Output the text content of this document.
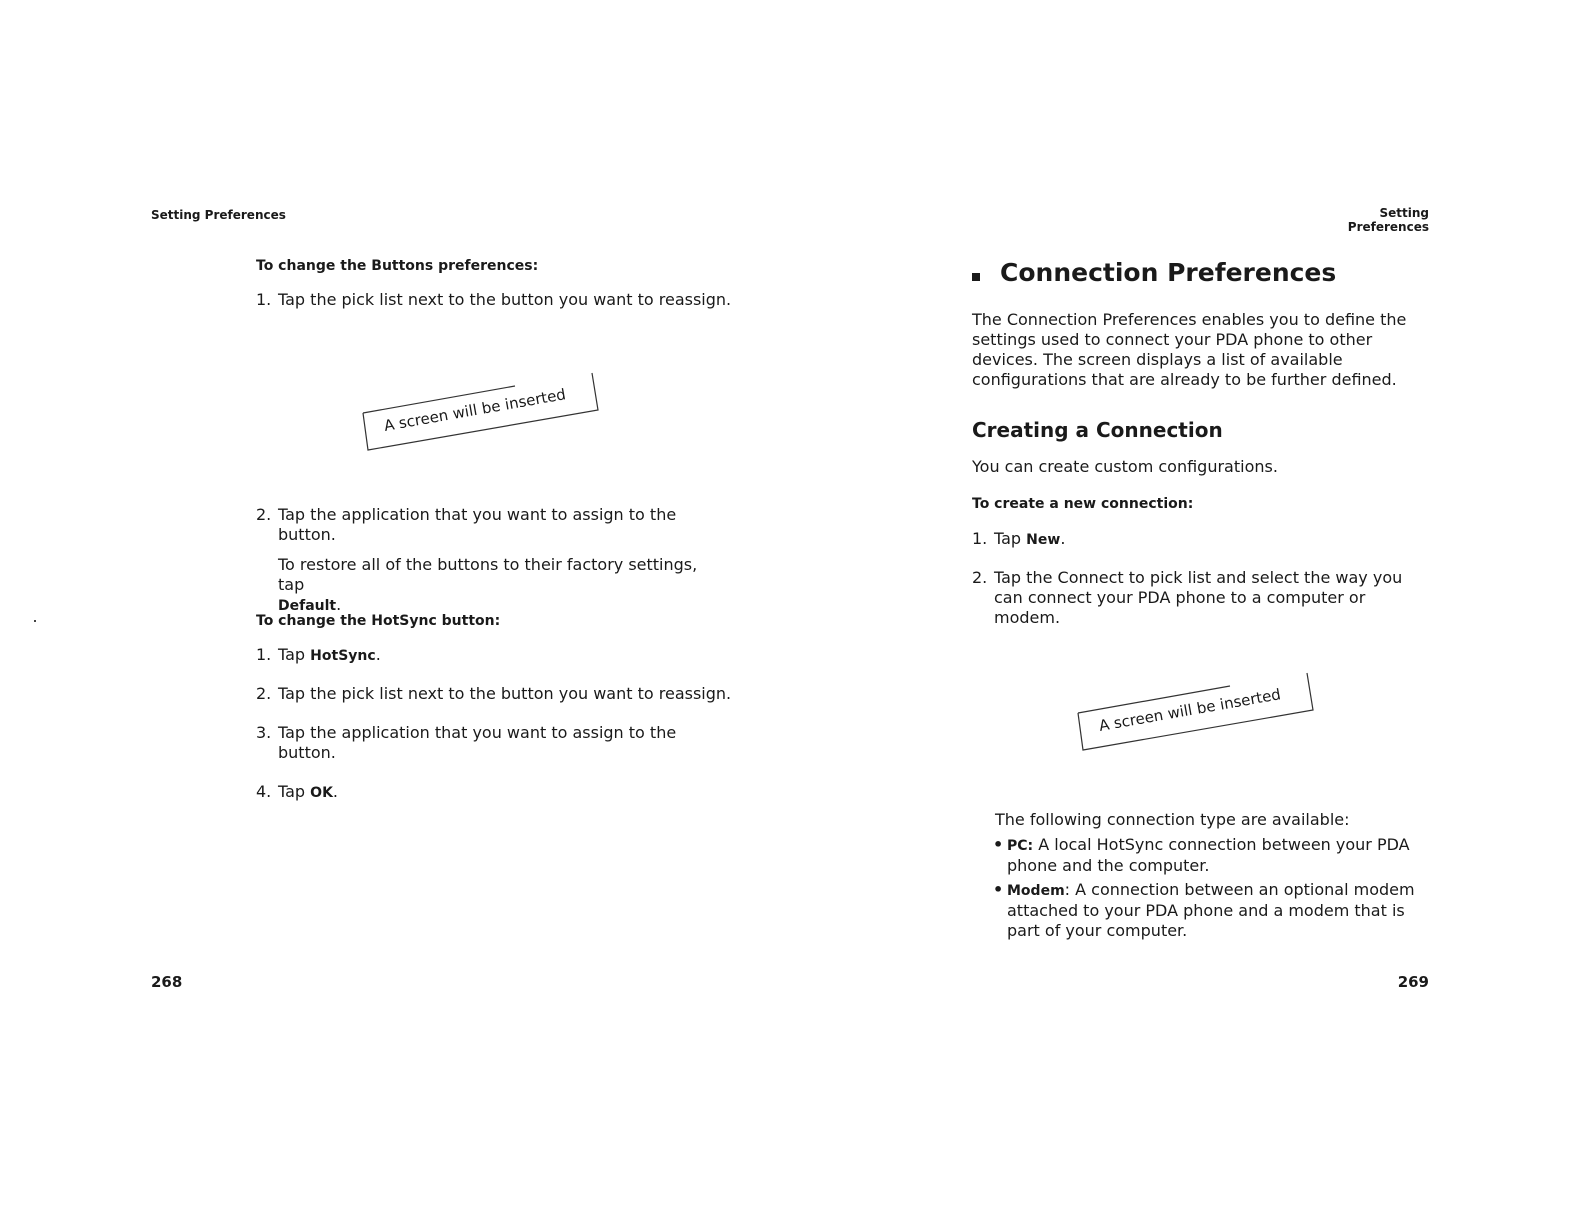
Setting Preferences
To change the Buttons preferences:
1. Tap the pick list next to the button you want to reassign.
A screen will be inserted
2. Tap the application that you want to assign to the button.
To restore all of the buttons to their factory settings, tap
Default.
To change the HotSync button:
1. Tap HotSync.
2. Tap the pick list next to the button you want to reassign.
3. Tap the application that you want to assign to the button.
4. Tap OK.
268
Setting Preferences
Connection Preferences
The Connection Preferences enables you to define the settings used to connect your PDA phone to other devices. The screen displays a list of available configurations that are already to be further defined.
Creating a Connection
You can create custom configurations.
To create a new connection:
1. Tap New.
2. Tap the Connect to pick list and select the way you can connect your PDA phone to a computer or modem.
A screen will be inserted
The following connection type are available:
• PC: A local HotSync connection between your PDA phone and the computer.
• Modem: A connection between an optional modem attached to your PDA phone and a modem that is part of your computer.
269
